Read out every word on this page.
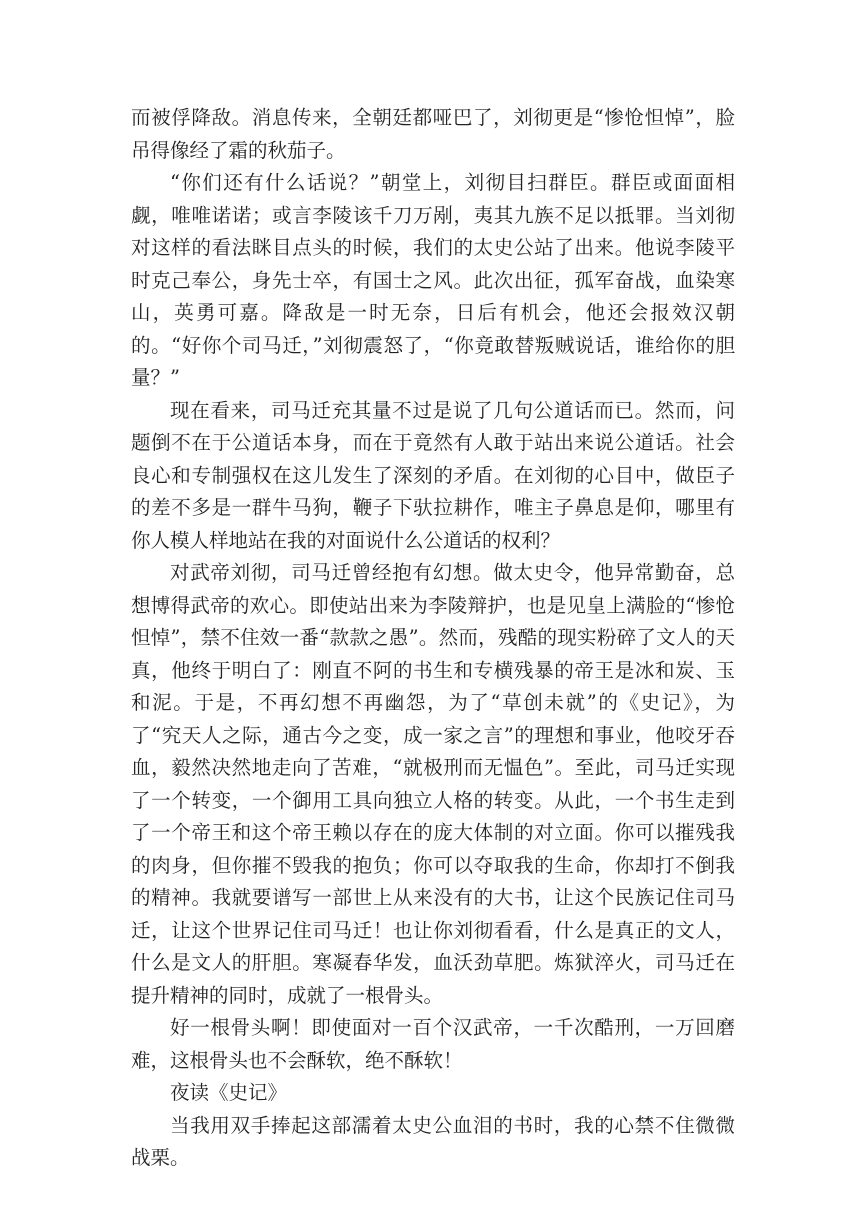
而被俘降敌。消息传来，全朝廷都哑巴了，刘彻更是“惨怆怛悼”，脸吊得像经了霜的秋茄子。

“你们还有什么话说？”朝堂上，刘彻目扫群臣。群臣或面面相觑，唯唯诺诺；或言李陵该千刀万剐，夷其九族不足以抵罪。当刘彻对这样的看法眯目点头的时候，我们的太史公站了出来。他说李陵平时克己奉公，身先士卒，有国士之风。此次出征，孤军奋战，血染寒山，英勇可嘉。降敌是一时无奈，日后有机会，他还会报效汉朝的。“好你个司马迁，”刘彻震怒了，“你竟敢替叛贼说话，谁给你的胆量？”

现在看来，司马迁充其量不过是说了几句公道话而已。然而，问题倒不在于公道话本身，而在于竟然有人敢于站出来说公道话。社会良心和专制强权在这儿发生了深刻的矛盾。在刘彻的心目中，做臣子的差不多是一群牛马狗，鞭子下驮拉耕作，唯主子鼻息是仰，哪里有你人模人样地站在我的对面说什么公道话的权利？

对武帝刘彻，司马迁曾经抱有幻想。做太史令，他异常勤奋，总想博得武帝的欢心。即使站出来为李陵辩护，也是见皇上满脸的“惨怆怛悼”，禁不住效一番“款款之愚”。然而，残酷的现实粉碎了文人的天真，他终于明白了：刚直不阿的书生和专横残暴的帝王是冰和炭、玉和泥。于是，不再幻想不再幽怨，为了“草创未就”的《史记》，为了“究天人之际，通古今之变，成一家之言”的理想和事业，他咬牙吞血，毅然决然地走向了苦难，“就极刑而无愠色”。至此，司马迁实现了一个转变，一个御用工具向独立人格的转变。从此，一个书生走到了一个帝王和这个帝王赖以存在的庞大体制的对立面。你可以摧残我的肉身，但你摧不毁我的抱负；你可以夺取我的生命，你却打不倒我的精神。我就要谱写一部世上从来没有的大书，让这个民族记住司马迁，让这个世界记住司马迁！也让你刘彻看看，什么是真正的文人，什么是文人的肝胆。寒凝春华发，血沃劲草肥。炼狱淬火，司马迁在提升精神的同时，成就了一根骨头。

好一根骨头啊！即使面对一百个汉武帝，一千次酷刑，一万回磨难，这根骨头也不会酥软，绝不酥软！

夜读《史记》

当我用双手捧起这部濡着太史公血泪的书时，我的心禁不住微微战栗。
